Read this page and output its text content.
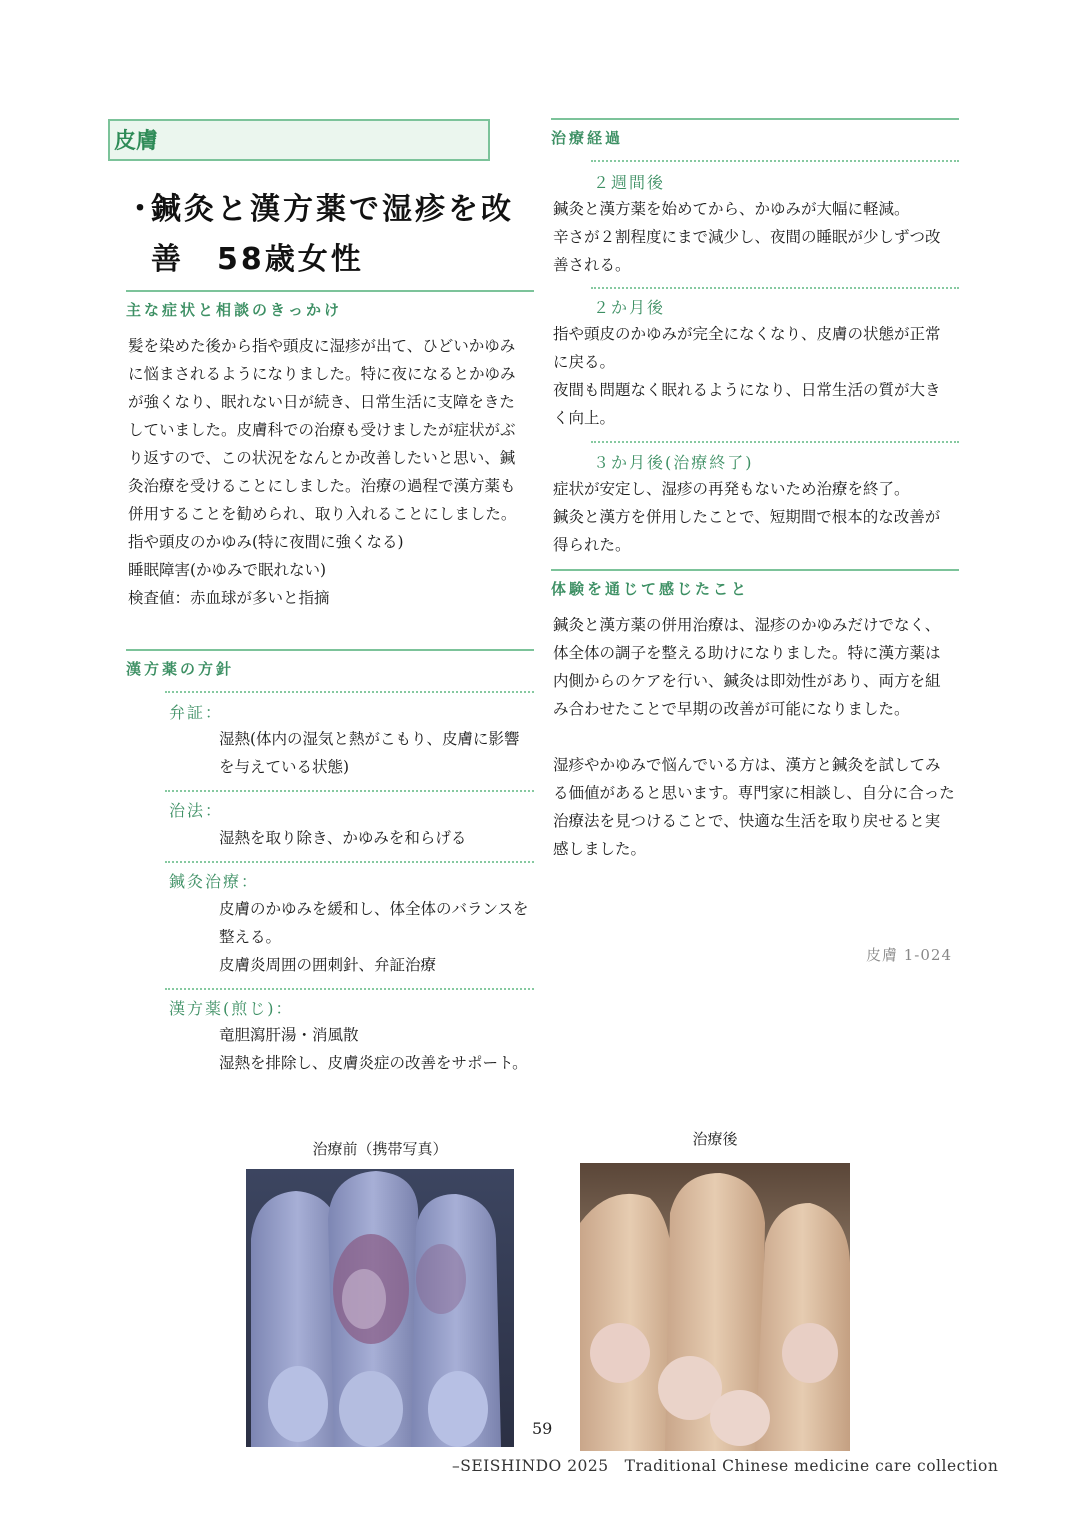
皮膚
・
鍼灸と漢方薬で湿疹を改善　58歳女性
主な症状と相談のきっかけ

髪を染めた後から指や頭皮に湿疹が出て、ひどいかゆみに悩まされるようになりました。特に夜になるとかゆみが強くなり、眠れない日が続き、日常生活に支障をきたしていました。皮膚科での治療も受けましたが症状がぶり返すので、この状況をなんとか改善したいと思い、鍼灸治療を受けることにしました。治療の過程で漢方薬も併用することを勧められ、取り入れることにしました。

指や頭皮のかゆみ(特に夜間に強くなる)

睡眠障害(かゆみで眠れない)

検査値：赤血球が多いと指摘

漢方薬の方針
弁証：

湿熱(体内の湿気と熱がこもり、皮膚に影響を与えている状態)

治法：

湿熱を取り除き、かゆみを和らげる

鍼灸治療：

皮膚のかゆみを緩和し、体全体のバランスを整える。

皮膚炎周囲の囲刺針、弁証治療

漢方薬(煎じ)：

竜胆瀉肝湯・消風散

湿熱を排除し、皮膚炎症の改善をサポート。

治療経過
２週間後

鍼灸と漢方薬を始めてから、かゆみが大幅に軽減。

辛さが２割程度にまで減少し、夜間の睡眠が少しずつ改善される。

２か月後

指や頭皮のかゆみが完全になくなり、皮膚の状態が正常に戻る。

夜間も問題なく眠れるようになり、日常生活の質が大きく向上。

３か月後(治療終了)

症状が安定し、湿疹の再発もないため治療を終了。

鍼灸と漢方を併用したことで、短期間で根本的な改善が得られた。

体験を通じて感じたこと

鍼灸と漢方薬の併用治療は、湿疹のかゆみだけでなく、体全体の調子を整える助けになりました。特に漢方薬は内側からのケアを行い、鍼灸は即効性があり、両方を組み合わせたことで早期の改善が可能になりました。

湿疹やかゆみで悩んでいる方は、漢方と鍼灸を試してみる価値があると思います。専門家に相談し、自分に合った治療法を見つけることで、快適な生活を取り戻せると実感しました。

皮膚 1-024
治療前（携帯写真）
治療後
59
–SEISHINDO 2025　Traditional Chinese medicine care collection
